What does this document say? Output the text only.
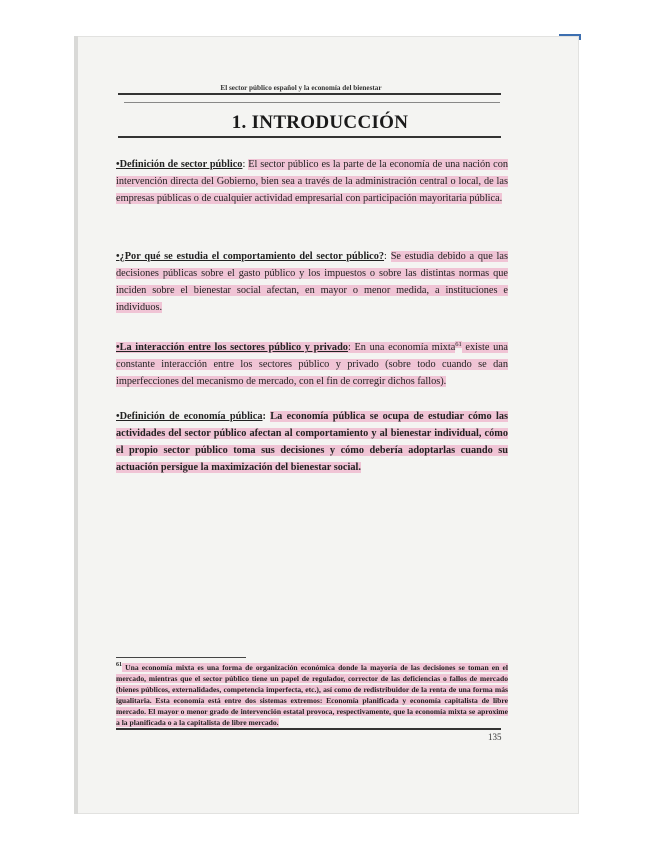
El sector público español y la economía del bienestar
1. INTRODUCCIÓN
•Definición de sector público: El sector público es la parte de la economía de una nación con intervención directa del Gobierno, bien sea a través de la administración central o local, de las empresas públicas o de cualquier actividad empresarial con participación mayoritaria pública.
•¿Por qué se estudia el comportamiento del sector público?: Se estudia debido a que las decisiones públicas sobre el gasto público y los impuestos o sobre las distintas normas que inciden sobre el bienestar social afectan, en mayor o menor medida, a instituciones e individuos.
•La interacción entre los sectores público y privado: En una economía mixta$^{61}$ existe una constante interacción entre los sectores público y privado (sobre todo cuando se dan imperfecciones del mecanismo de mercado, con el fin de corregir dichos fallos).
•Definición de economía pública: La economía pública se ocupa de estudiar cómo las actividades del sector público afectan al comportamiento y al bienestar individual, cómo el propio sector público toma sus decisiones y cómo debería adoptarlas cuando su actuación persigue la maximización del bienestar social.
$^{61}$ Una economía mixta es una forma de organización económica donde la mayoría de las decisiones se toman en el mercado, mientras que el sector público tiene un papel de regulador, corrector de las deficiencias o fallos de mercado (bienes públicos, externalidades, competencia imperfecta, etc.), así como de redistribuidor de la renta de una forma más igualitaria. Esta economía está entre dos sistemas extremos: Economía planificada y economía capitalista de libre mercado. El mayor o menor grado de intervención estatal provoca, respectivamente, que la economía mixta se aproxime a la planificada o a la capitalista de libre mercado.
135
